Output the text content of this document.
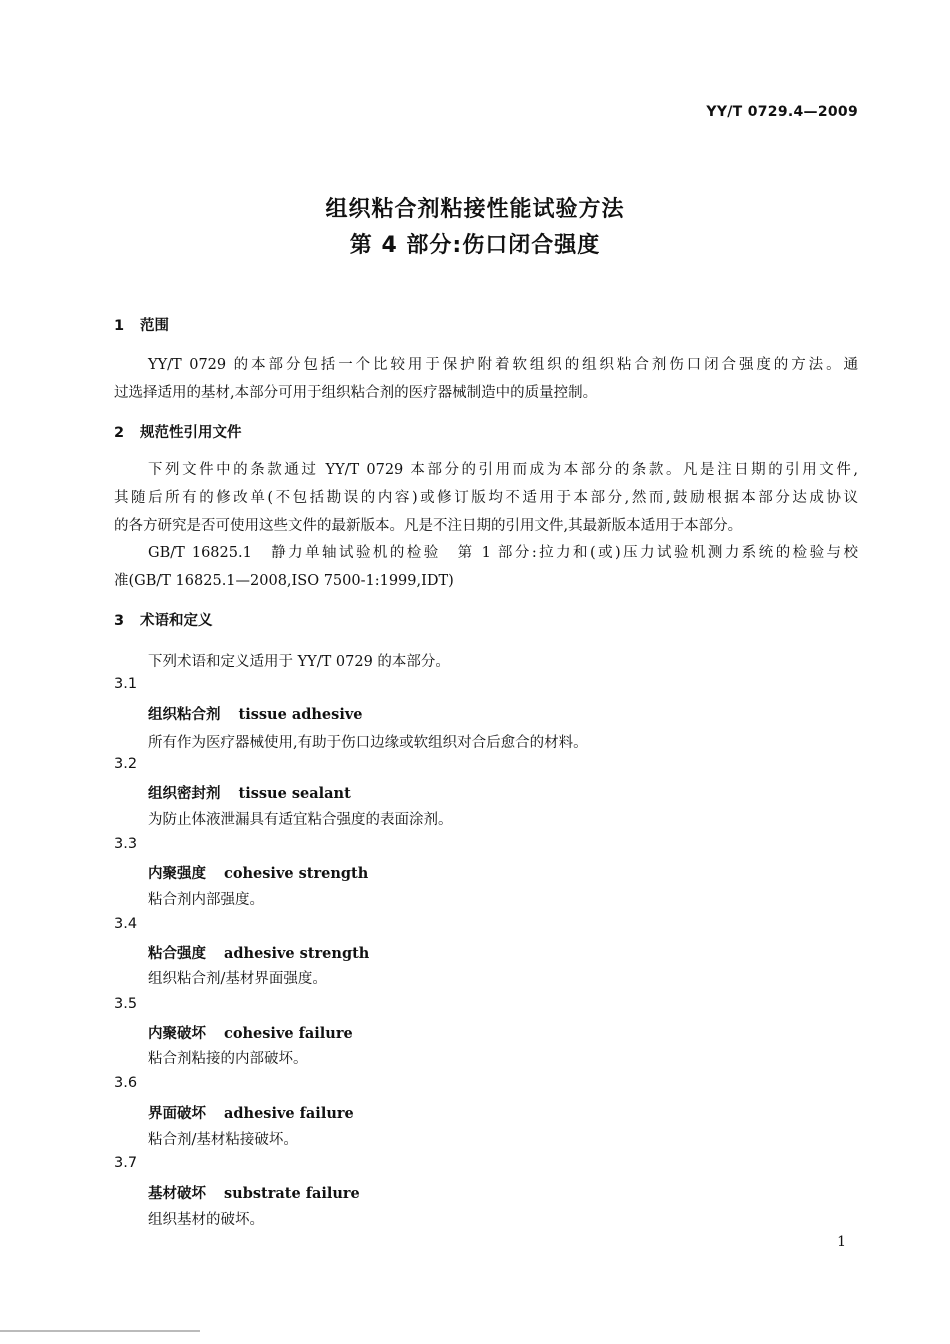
YY/T 0729.4—2009
组织粘合剂粘接性能试验方法
第 4 部分:伤口闭合强度
1 范围
YY/T 0729 的本部分包括一个比较用于保护附着软组织的组织粘合剂伤口闭合强度的方法。通
过选择适用的基材,本部分可用于组织粘合剂的医疗器械制造中的质量控制。
2 规范性引用文件
下列文件中的条款通过 YY/T 0729 本部分的引用而成为本部分的条款。凡是注日期的引用文件,
其随后所有的修改单(不包括勘误的内容)或修订版均不适用于本部分,然而,鼓励根据本部分达成协议
的各方研究是否可使用这些文件的最新版本。凡是不注日期的引用文件,其最新版本适用于本部分。
GB/T 16825.1　静力单轴试验机的检验　第 1 部分:拉力和(或)压力试验机测力系统的检验与校
准(GB/T 16825.1—2008,ISO 7500-1:1999,IDT)
3 术语和定义
下列术语和定义适用于 YY/T 0729 的本部分。
3.1
组织粘合剂 tissue adhesive
所有作为医疗器械使用,有助于伤口边缘或软组织对合后愈合的材料。
3.2
组织密封剂 tissue sealant
为防止体液泄漏具有适宜粘合强度的表面涂剂。
3.3
内聚强度 cohesive strength
粘合剂内部强度。
3.4
粘合强度 adhesive strength
组织粘合剂/基材界面强度。
3.5
内聚破坏 cohesive failure
粘合剂粘接的内部破坏。
3.6
界面破坏 adhesive failure
粘合剂/基材粘接破坏。
3.7
基材破坏 substrate failure
组织基材的破坏。
1
